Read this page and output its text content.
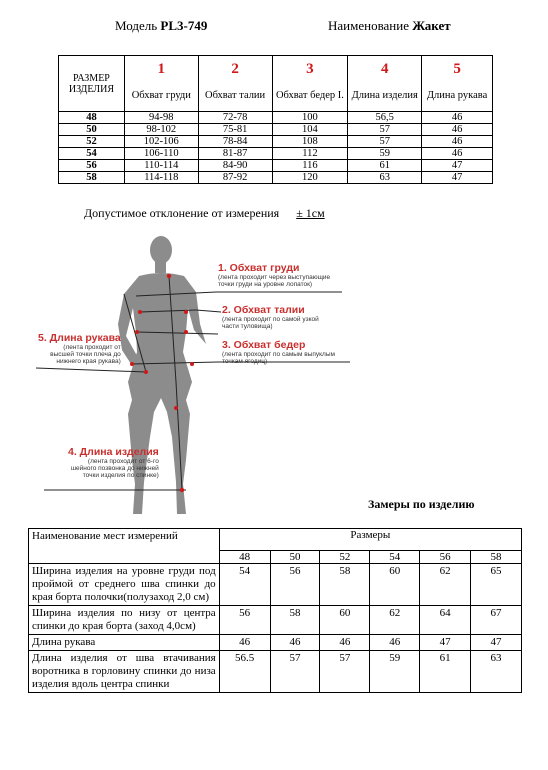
Модель PL3-749	Наименование Жакет
РАЗМЕР ИЗДЕЛИЯ	1	2	3	4	5
	Обхват груди	Обхват талии	Обхват бедер I.	Длина изделия	Длина рукава
48	94-98	72-78	100	56,5	46
50	98-102	75-81	104	57	46
52	102-106	78-84	108	57	46
54	106-110	81-87	112	59	46
56	110-114	84-90	116	61	47
58	114-118	87-92	120	63	47
Допустимое отклонение от измерения ± 1см
1. Обхват груди
(лента проходит через выступающие
точки груди на уровне лопаток)
2. Обхват талии
(лента проходит по самой узкой
части туловища)
3. Обхват бедер
(лента проходит по самым выпуклым
точкам ягодиц)
5. Длина рукава
(лента проходит от
высшей точки плеча до
нижнего края рукава)
4. Длина изделия
(лента проходит от 6-го
шейного позвонка до нижней
точки изделия по спинке)
Замеры по изделию
Наименование мест измерений	Размеры					
	48	50	52	54	56	58
Ширина изделия на уровне груди под проймой от среднего шва спинки до края борта полочки(полузаход 2,0 см)	54	56	58	60	62	65
Ширина изделия по низу от центра спинки до края борта (заход 4,0см)	56	58	60	62	64	67
Длина рукава	46	46	46	46	47	47
Длина изделия от шва втачивания воротника в горловину спинки до низа изделия вдоль центра спинки	56.5	57	57	59	61	63
